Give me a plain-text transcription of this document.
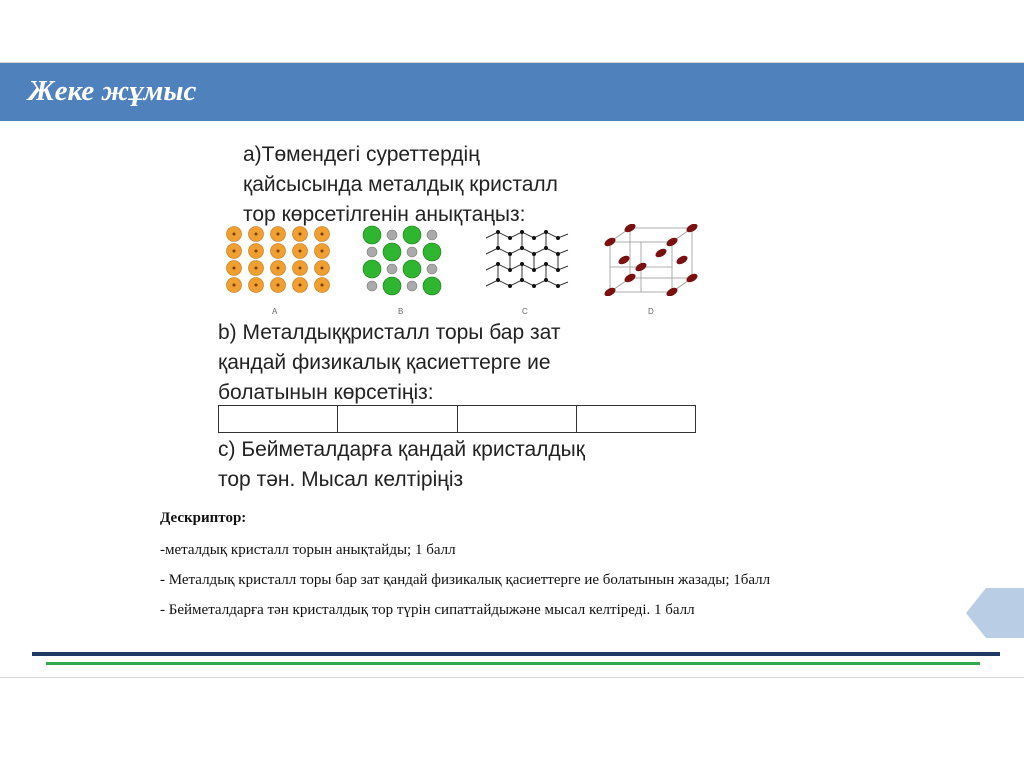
Жеке жұмыс
а)Төмендегі суреттердің
қайсысында металдық кристалл
тор көрсетілгенін анықтаңыз:
A	B	C	D
b) Металдыққристалл торы бар зат
қандай физикалық қасиеттерге ие
болатынын көрсетіңіз:
c) Бейметалдарға қандай кристалдық
тор тән. Мысал келтіріңіз

Дескриптор:

-металдық кристалл торын анықтайды; 1 балл

- Металдық кристалл торы бар зат қандай физикалық қасиеттерге ие болатынын жазады; 1балл

- Бейметалдарға тән кристалдық тор түрін сипаттайдыжәне мысал келтіреді. 1 балл
